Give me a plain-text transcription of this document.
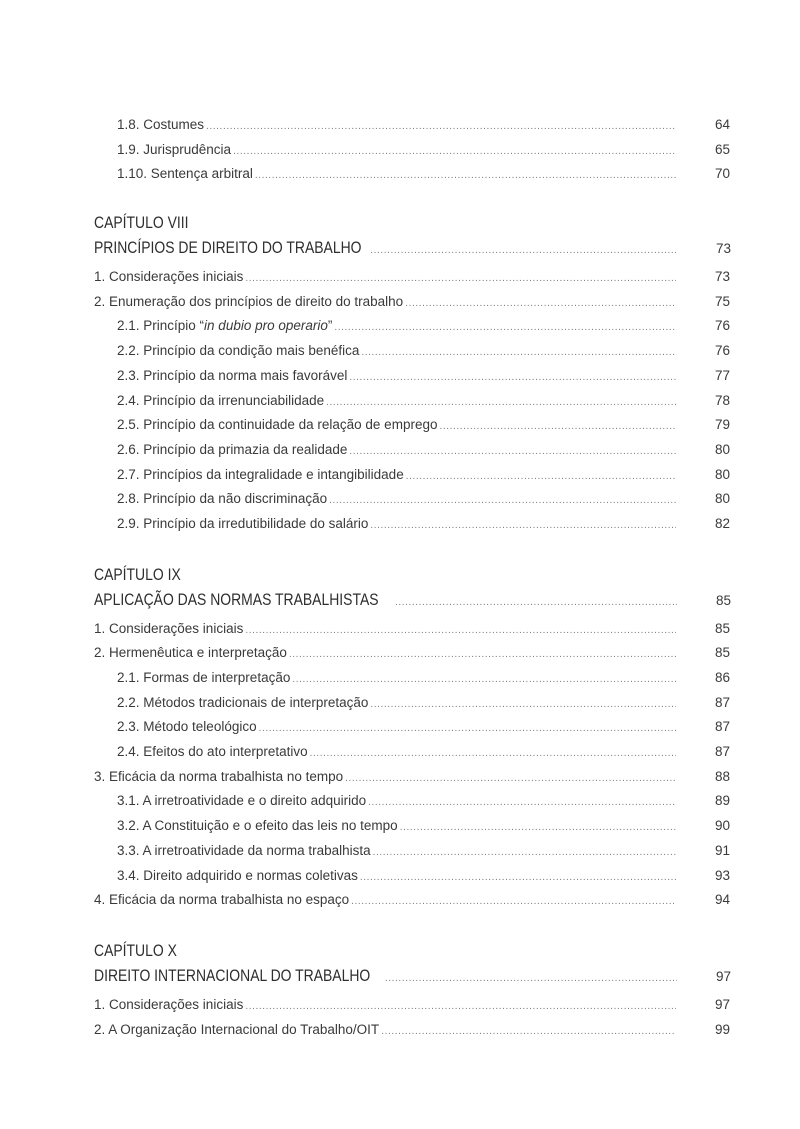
1.8. Costumes .....	64
1.9. Jurisprudência .....	65
1.10. Sentença arbitral .....	70
CAPÍTULO VIII
PRINCÍPIOS DE DIREITO DO TRABALHO .....	73
1. Considerações iniciais .....	73
2. Enumeração dos princípios de direito do trabalho .....	75
2.1. Princípio “in dubio pro operario” .....	76
2.2. Princípio da condição mais benéfica .....	76
2.3. Princípio da norma mais favorável .....	77
2.4. Princípio da irrenunciabilidade .....	78
2.5. Princípio da continuidade da relação de emprego .....	79
2.6. Princípio da primazia da realidade .....	80
2.7. Princípios da integralidade e intangibilidade .....	80
2.8. Princípio da não discriminação .....	80
2.9. Princípio da irredutibilidade do salário .....	82
CAPÍTULO IX
APLICAÇÃO DAS NORMAS TRABALHISTAS .....	85
1. Considerações iniciais .....	85
2. Hermenêutica e interpretação .....	85
2.1. Formas de interpretação .....	86
2.2. Métodos tradicionais de interpretação .....	87
2.3. Método teleológico .....	87
2.4. Efeitos do ato interpretativo .....	87
3. Eficácia da norma trabalhista no tempo .....	88
3.1. A irretroatividade e o direito adquirido .....	89
3.2. A Constituição e o efeito das leis no tempo .....	90
3.3. A irretroatividade da norma trabalhista .....	91
3.4. Direito adquirido e normas coletivas .....	93
4. Eficácia da norma trabalhista no espaço .....	94
CAPÍTULO X
DIREITO INTERNACIONAL DO TRABALHO .....	97
1. Considerações iniciais .....	97
2. A Organização Internacional do Trabalho/OIT .....	99
